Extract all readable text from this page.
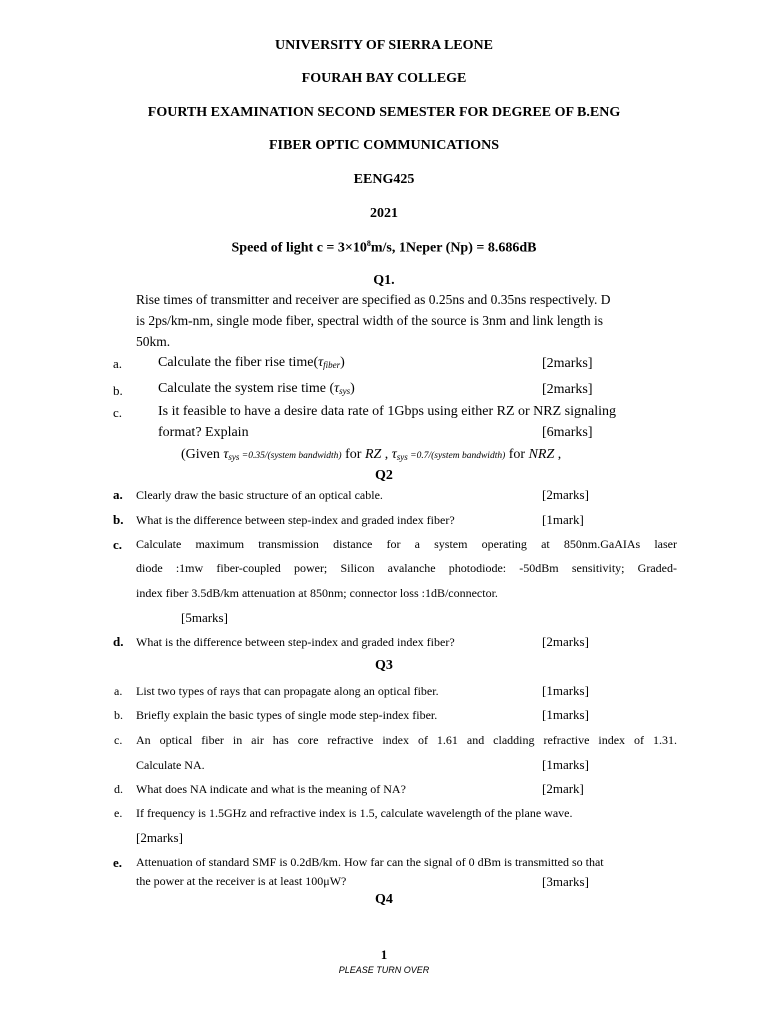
UNIVERSITY OF SIERRA LEONE
FOURAH BAY COLLEGE
FOURTH EXAMINATION SECOND SEMESTER FOR DEGREE OF B.ENG
FIBER OPTIC COMMUNICATIONS
EENG425
2021
Speed of light $c = 3\times 10^8m/s$, 1Neper (Np) = 8.686dB
Q1.
Rise times of transmitter and receiver are specified as 0.25ns and 0.35ns respectively. D
is 2ps/km-nm, single mode fiber, spectral width of the source is 3nm and link length is
50km.
a.	Calculate the fiber rise $time(\tau_{fiber})$	[2marks]
b.	Calculate the system rise time $(\tau_{sys})$	[2marks]
c.	Is it feasible to have a desire data rate of 1Gbps using either RZ or NRZ signaling
format? Explain	[6marks]
(Given $\tau_{sys}$ =0.35/(system bandwidth) for RZ , $\tau_{sys}$ =0.7/(system bandwidth) for NRZ ,
Q2
a. Clearly draw the basic structure of an optical cable.	[2marks]
b. What is the difference between step-index and graded index fiber?	[1mark]
c. Calculate maximum transmission distance for a system operating at 850nm.GaAIAs laser
diode :1mw fiber-coupled power; Silicon avalanche photodiode: -50dBm sensitivity; Graded-
index fiber 3.5dB/km attenuation at 850nm; connector loss :1dB/connector.
[5marks]
d. What is the difference between step-index and graded index fiber?	[2marks]
Q3
a. List two types of rays that can propagate along an optical fiber.	[1marks]
b. Briefly explain the basic types of single mode step-index fiber.	[1marks]
c. An optical fiber in air has core refractive index of 1.61 and cladding refractive index of 1.31.
Calculate NA.	[1marks]
d. What does NA indicate and what is the meaning of NA?	[2mark]
e. If frequency is 1.5GHz and refractive index is 1.5, calculate wavelength of the plane wave.
[2marks]
e. Attenuation of standard SMF is 0.2dB/km. How far can the signal of 0 dBm is transmitted so that
the power at the receiver is at least 100μW?	[3marks]
Q4
1
PLEASE TURN OVER
